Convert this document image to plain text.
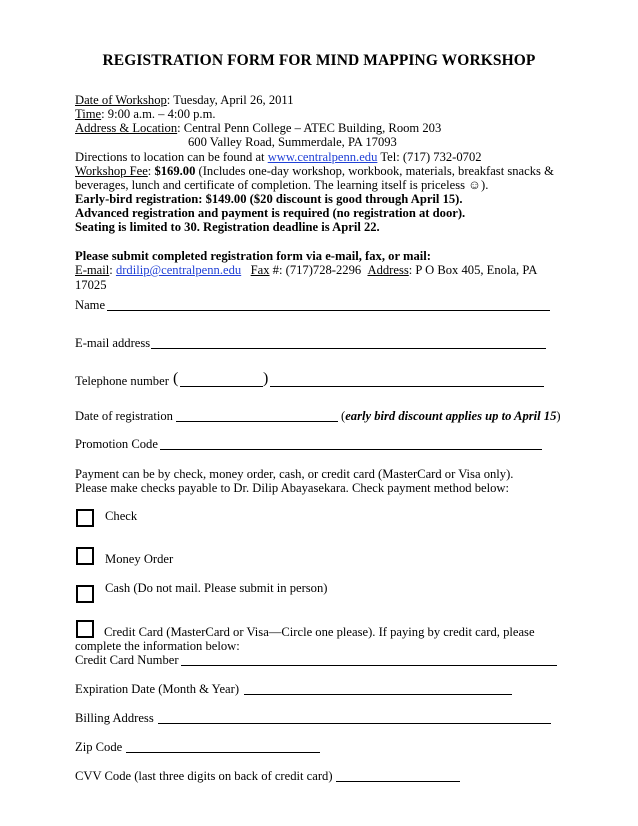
REGISTRATION FORM FOR MIND MAPPING WORKSHOP
Date of Workshop: Tuesday, April 26, 2011
Time: 9:00 a.m. – 4:00 p.m.
Address & Location: Central Penn College – ATEC Building, Room 203
600 Valley Road, Summerdale, PA 17093
Directions to location can be found at www.centralpenn.edu Tel: (717) 732-0702
Workshop Fee: $169.00 (Includes one-day workshop, workbook, materials, breakfast snacks &
beverages, lunch and certificate of completion. The learning itself is priceless ☺).
Early-bird registration: $149.00 ($20 discount is good through April 15).
Advanced registration and payment is required (no registration at door).
Seating is limited to 30. Registration deadline is April 22.
Please submit completed registration form via e-mail, fax, or mail:
E-mail: drdilip@centralpenn.edu Fax #: (717)728-2296 Address: P O Box 405, Enola, PA
17025
Name
E-mail address
Telephone number (	)
Date of registration	(early bird discount applies up to April 15)
Promotion Code
Payment can be by check, money order, cash, or credit card (MasterCard or Visa only).
Please make checks payable to Dr. Dilip Abayasekara. Check payment method below:
Check
Money Order
Cash (Do not mail. Please submit in person)
Credit Card (MasterCard or Visa—Circle one please). If paying by credit card, please
complete the information below:
Credit Card Number
Expiration Date (Month & Year)
Billing Address
Zip Code
CVV Code (last three digits on back of credit card)
